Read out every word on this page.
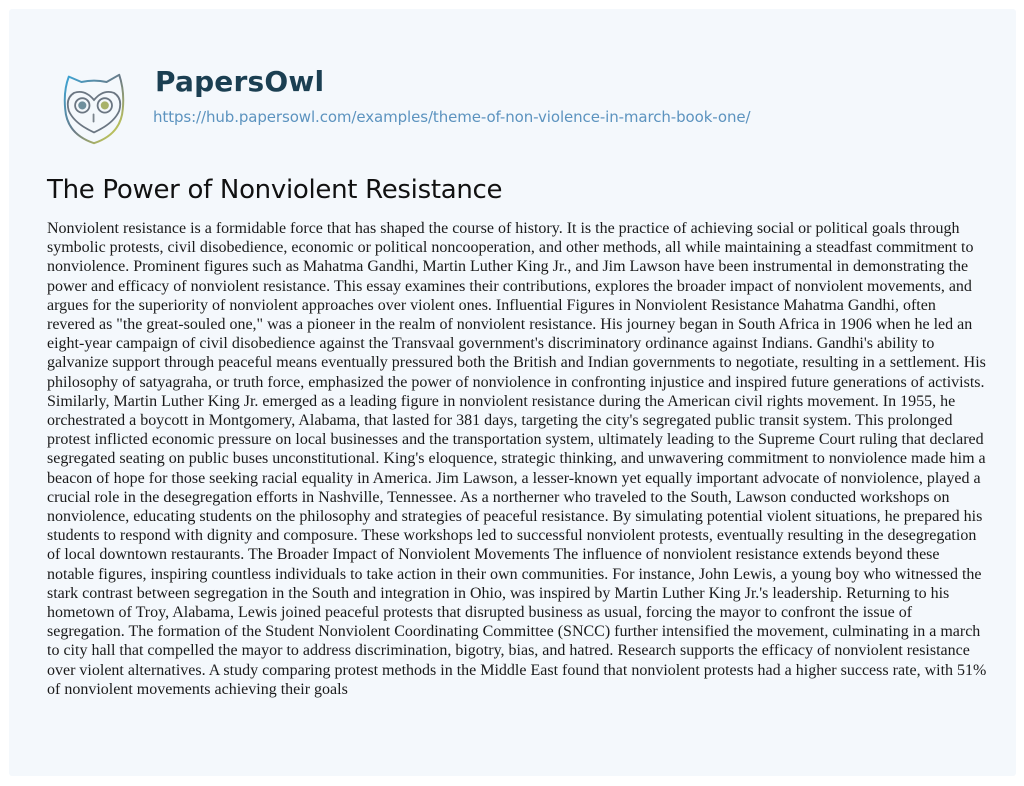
PapersOwl
https://hub.papersowl.com/examples/theme-of-non-violence-in-march-book-one/
The Power of Nonviolent Resistance

Nonviolent resistance is a formidable force that has shaped the course of history. It is the practice of achieving social or political goals through symbolic protests, civil disobedience, economic or political noncooperation, and other methods, all while maintaining a steadfast commitment to nonviolence. Prominent figures such as Mahatma Gandhi, Martin Luther King Jr., and Jim Lawson have been instrumental in demonstrating the power and efficacy of nonviolent resistance. This essay examines their contributions, explores the broader impact of nonviolent movements, and argues for the superiority of nonviolent approaches over violent ones. Influential Figures in Nonviolent Resistance Mahatma Gandhi, often revered as "the great-souled one," was a pioneer in the realm of nonviolent resistance. His journey began in South Africa in 1906 when he led an eight-year campaign of civil disobedience against the Transvaal government's discriminatory ordinance against Indians. Gandhi's ability to galvanize support through peaceful means eventually pressured both the British and Indian governments to negotiate, resulting in a settlement. His philosophy of satyagraha, or truth force, emphasized the power of nonviolence in confronting injustice and inspired future generations of activists. Similarly, Martin Luther King Jr. emerged as a leading figure in nonviolent resistance during the American civil rights movement. In 1955, he orchestrated a boycott in Montgomery, Alabama, that lasted for 381 days, targeting the city's segregated public transit system. This prolonged protest inflicted economic pressure on local businesses and the transportation system, ultimately leading to the Supreme Court ruling that declared segregated seating on public buses unconstitutional. King's eloquence, strategic thinking, and unwavering commitment to nonviolence made him a beacon of hope for those seeking racial equality in America. Jim Lawson, a lesser-known yet equally important advocate of nonviolence, played a crucial role in the desegregation efforts in Nashville, Tennessee. As a northerner who traveled to the South, Lawson conducted workshops on nonviolence, educating students on the philosophy and strategies of peaceful resistance. By simulating potential violent situations, he prepared his students to respond with dignity and composure. These workshops led to successful nonviolent protests, eventually resulting in the desegregation of local downtown restaurants. The Broader Impact of Nonviolent Movements The influence of nonviolent resistance extends beyond these notable figures, inspiring countless individuals to take action in their own communities. For instance, John Lewis, a young boy who witnessed the stark contrast between segregation in the South and integration in Ohio, was inspired by Martin Luther King Jr.'s leadership. Returning to his hometown of Troy, Alabama, Lewis joined peaceful protests that disrupted business as usual, forcing the mayor to confront the issue of segregation. The formation of the Student Nonviolent Coordinating Committee (SNCC) further intensified the movement, culminating in a march to city hall that compelled the mayor to address discrimination, bigotry, bias, and hatred. Research supports the efficacy of nonviolent resistance over violent alternatives. A study comparing protest methods in the Middle East found that nonviolent protests had a higher success rate, with 51% of nonviolent movements achieving their goals
